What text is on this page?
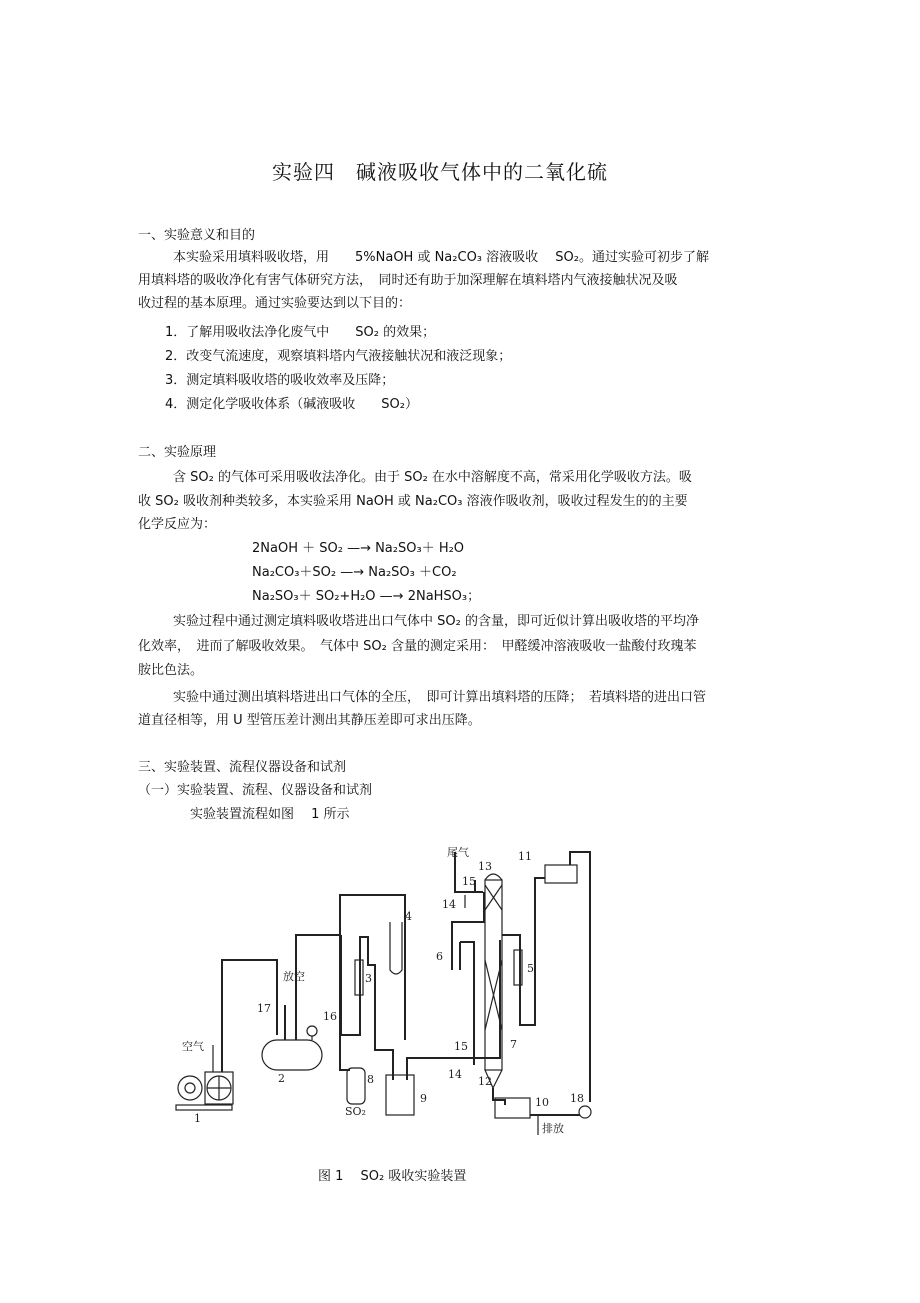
实验四　碱液吸收气体中的二氧化硫
一、实验意义和目的
本实验采用填料吸收塔，用　　5%NaOH 或 Na₂CO₃ 溶液吸收　 SO₂。通过实验可初步了解
用填料塔的吸收净化有害气体研究方法，　同时还有助于加深理解在填料塔内气液接触状况及吸
收过程的基本原理。通过实验要达到以下目的：
1．了解用吸收法净化废气中　　SO₂ 的效果；
2．改变气流速度，观察填料塔内气液接触状况和液泛现象；
3．测定填料吸收塔的吸收效率及压降；
4．测定化学吸收体系（碱液吸收　　SO₂）
二、实验原理
含 SO₂ 的气体可采用吸收法净化。由于 SO₂ 在水中溶解度不高，常采用化学吸收方法。吸
收 SO₂ 吸收剂种类较多，本实验采用 NaOH 或 Na₂CO₃ 溶液作吸收剂，吸收过程发生的的主要
化学反应为：
2NaOH ＋ SO₂ —→ Na₂SO₃＋ H₂O
Na₂CO₃＋SO₂ —→ Na₂SO₃ ＋CO₂
Na₂SO₃＋ SO₂+H₂O —→ 2NaHSO₃；
实验过程中通过测定填料吸收塔进出口气体中 SO₂ 的含量，即可近似计算出吸收塔的平均净
化效率，　进而了解吸收效果。　气体中 SO₂ 含量的测定采用：　甲醛缓冲溶液吸收一盐酸付玫瑰苯
胺比色法。
实验中通过测出填料塔进出口气体的全压，　即可计算出填料塔的压降；　若填料塔的进出口管
道直径相等，用 U 型管压差计测出其静压差即可求出压降。
三、实验装置、流程仪器设备和试剂
（一）实验装置、流程、仪器设备和试剂
实验装置流程如图　 1 所示
尾气
空气
放空
排放
SO₂
1
2
3
4
5
6
7
8
9	10
11
12
13
14
14
15
15
16
17
18
图 1　 SO₂ 吸收实验装置
